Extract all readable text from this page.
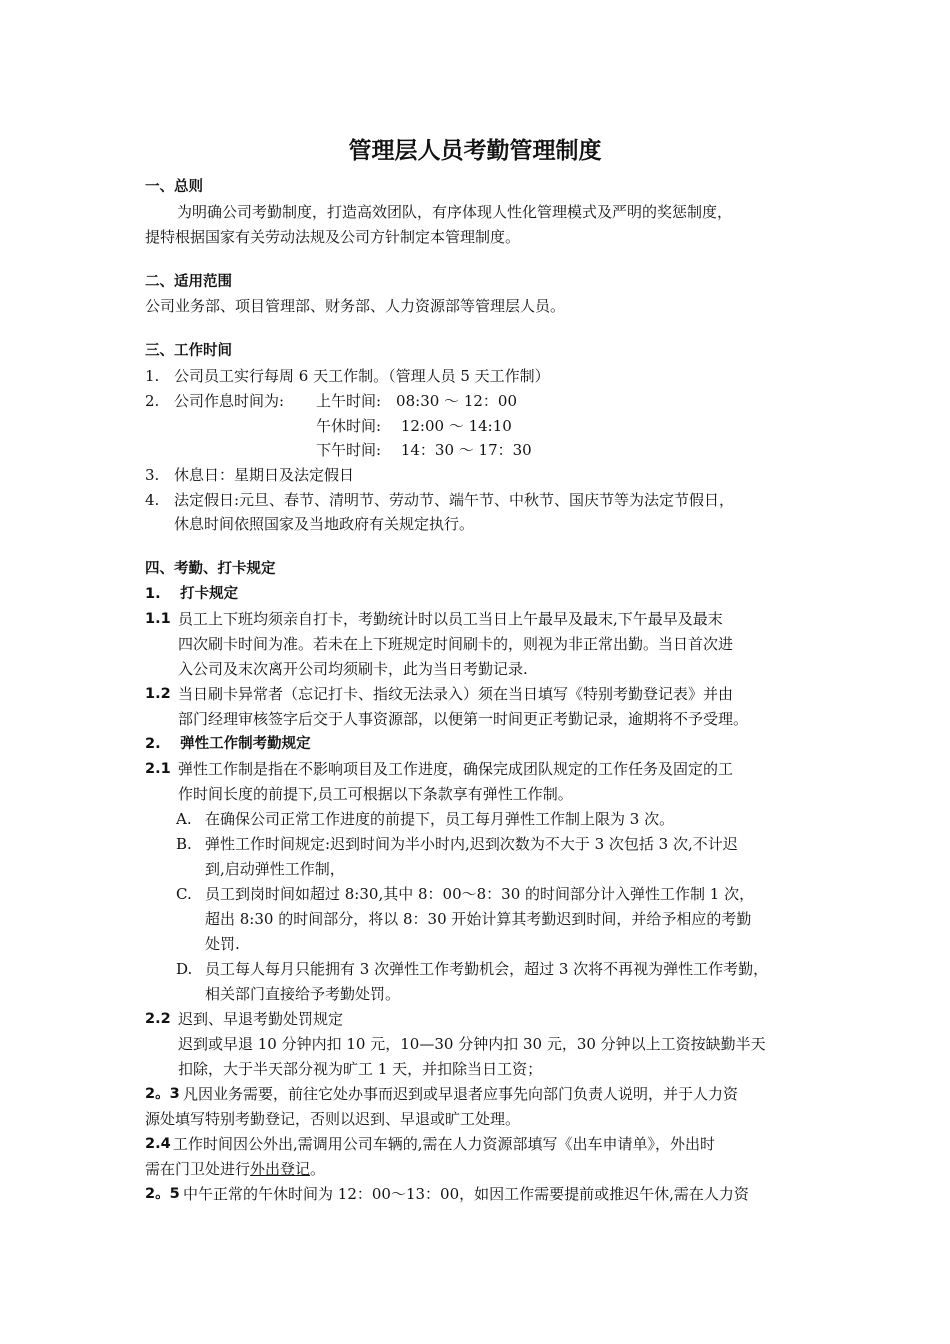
管理层人员考勤管理制度
一、总则
为明确公司考勤制度，打造高效团队，有序体现人性化管理模式及严明的奖惩制度，
提特根据国家有关劳动法规及公司方针制定本管理制度。
二、适用范围
公司业务部、项目管理部、财务部、人力资源部等管理层人员。
三、工作时间
1. 公司员工实行每周 6 天工作制。（管理人员 5 天工作制）
2. 公司作息时间为: 上午时间:　08:30 ～ 12：00
午休时间:　 12:00 ～ 14:10
下午时间:　 14：30 ～ 17：30
3. 休息日：星期日及法定假日
4. 法定假日:元旦、春节、清明节、劳动节、端午节、中秋节、国庆节等为法定节假日，
休息时间依照国家及当地政府有关规定执行。
四、考勤、打卡规定
1.　 打卡规定
1.1 员工上下班均须亲自打卡，考勤统计时以员工当日上午最早及最末,下午最早及最末
四次刷卡时间为准。若未在上下班规定时间刷卡的，则视为非正常出勤。当日首次进
入公司及末次离开公司均须刷卡，此为当日考勤记录.
1.2 当日刷卡异常者（忘记打卡、指纹无法录入）须在当日填写《特别考勤登记表》并由
部门经理审核签字后交于人事资源部，以便第一时间更正考勤记录，逾期将不予受理。
2.　 弹性工作制考勤规定
2.1 弹性工作制是指在不影响项目及工作进度，确保完成团队规定的工作任务及固定的工
作时间长度的前提下,员工可根据以下条款享有弹性工作制。
A. 在确保公司正常工作进度的前提下，员工每月弹性工作制上限为 3 次。
B. 弹性工作时间规定:迟到时间为半小时内,迟到次数为不大于 3 次包括 3 次,不计迟
到,启动弹性工作制，
C. 员工到岗时间如超过 8:30,其中 8：00～8：30 的时间部分计入弹性工作制 1 次，
超出 8:30 的时间部分，将以 8：30 开始计算其考勤迟到时间，并给予相应的考勤
处罚.
D. 员工每人每月只能拥有 3 次弹性工作考勤机会，超过 3 次将不再视为弹性工作考勤，
相关部门直接给予考勤处罚。
2.2 迟到、早退考勤处罚规定
迟到或早退 10 分钟内扣 10 元，10—30 分钟内扣 30 元，30 分钟以上工资按缺勤半天
扣除，大于半天部分视为旷工 1 天，并扣除当日工资；
2。3 凡因业务需要，前往它处办事而迟到或早退者应事先向部门负责人说明，并于人力资
源处填写特别考勤登记，否则以迟到、早退或旷工处理。
2.4 工作时间因公外出,需调用公司车辆的,需在人力资源部填写《出车申请单》，外出时
需在门卫处进行外出登记。
2。5 中午正常的午休时间为 12：00～13：00，如因工作需要提前或推迟午休,需在人力资
